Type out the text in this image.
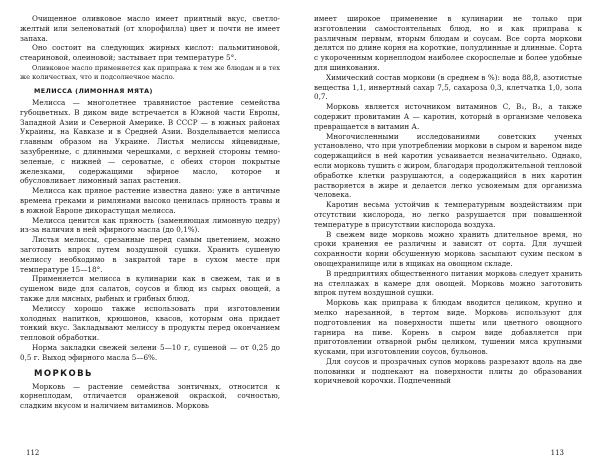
Очищенное оливковое масло имеет приятный вкус, светло-желтый или зеленоватый (от хлорофилла) цвет и почти не имеет запаха.

Оно состоит на следующих жирных кислот: пальмитиновой, стеариновой, олеиновой; застывает при температуре 5°.

Оливковое масло применяется как приправа к тем же блюдам и в тех же количествах, что и подсолнечное масло.

МЕЛИССА (ЛИМОННАЯ МЯТА)

Мелисса — многолетнее травянистое растение семейства губоцветных. В диком виде встречается в Южной части Европы, Западной Азии и Северной Америке. В СССР — в южных районах Украины, на Кавказе и в Средней Азии. Возделывается мелисса главным образом на Украине. Листья мелиссы яйцевидные, зазубренные, с длинными черешками, с верхней стороны темно-зеленые, с нижней — сероватые, с обеих сторон покрытые железками, содержащими эфирное масло, которое и обусловливает лимонный запах растения.

Мелисса как пряное растение известна давно: уже в античные времена греками и римлянами высоко ценилась пряность травы и в южной Европе дикорастущая мелисса.

Мелисса ценится как пряность (заменяющая лимонную цедру) из-за наличия в ней эфирного масла (до 0,1%).

Листья мелиссы, срезанные перед самым цветением, можно заготовить впрок путем воздушной сушки. Хранить сушеную мелиссу необходимо в закрытой таре в сухом месте при температуре 15—18°.

Применяется мелисса в кулинарии как в свежем, так и в сушеном виде для салатов, соусов и блюд из сырых овощей, а также для мясных, рыбных и грибных блюд.

Мелиссу хорошо также использовать при изготовлении холодных напитков, крюшонов, квасов, которым она придает тонкий вкус. Закладывают мелиссу в продукты перед окончанием тепловой обработки.

Норма закладки свежей зелени 5—10 г, сушеной — от 0,25 до 0,5 г. Выход эфирного масла 5—6%.

МОРКОВЬ

Морковь — растение семейства зонтичных, относится к корнеплодам, отличается оранжевой окраской, сочностью, сладким вкусом и наличием витаминов. Морковь

112

имеет широкое применение в кулинарии не только при изготовлении самостоятельных блюд, но и как приправа к различным первым, вторым блюдам и соусам. Все сорта моркови делятся по длине корня на короткие, полудлинные и длинные. Сорта с укороченным корнеплодом наиболее скороспелые и более удобные для шинкования.

Химический состав моркови (в среднем в %): вода 88,8, азотистые вещества 1,1, инвертный сахар 7,5, сахароза 0,3, клетчатка 1,0, зола 0,7.

Морковь является источником витаминов С, В₁, В₂, а также содержит провитамин А — каротин, который в организме человека превращается в витамин А.

Многочисленными исследованиями советских ученых установлено, что при употреблении моркови в сыром и вареном виде содержащийся в ней каротин усваивается незначительно. Однако, если морковь тушить с жиром, благодаря продолжительной тепловой обработке клетки разрушаются, а содержащийся в них каротин растворяется в жире и делается легко усвояемым для организма человека.

Каротин весьма устойчив к температурным воздействиям при отсутствии кислорода, но легко разрушается при повышенной температуре в присутствии кислорода воздуха.

В свежем виде морковь можно хранить длительное время, но сроки хранения ее различны и зависят от сорта. Для лучшей сохранности корни обсушенную морковь засыпают сухим песком в овощехранилище или в ящиках на овощном складе.

В предприятиях общественного питания морковь следует хранить на стеллажах в камере для овощей. Морковь можно заготовить впрок путем воздушной сушки.

Морковь как приправа к блюдам вводится целиком, крупно и мелко нарезанной, в тертом виде. Морковь используют для подготовления на поверхности пшеты или цветного овощного гарнира на пиве. Корень в сыром виде добавляется при приготовлении отварной рыбы целиком, тушении мяса крупными кусками, при изготовлении соусов, бульонов.

Для соусов и прозрачных супов морковь разрезают вдоль на две половинки и подпекают на поверхности плиты до образования коричневой корочки. Подпеченный

113
